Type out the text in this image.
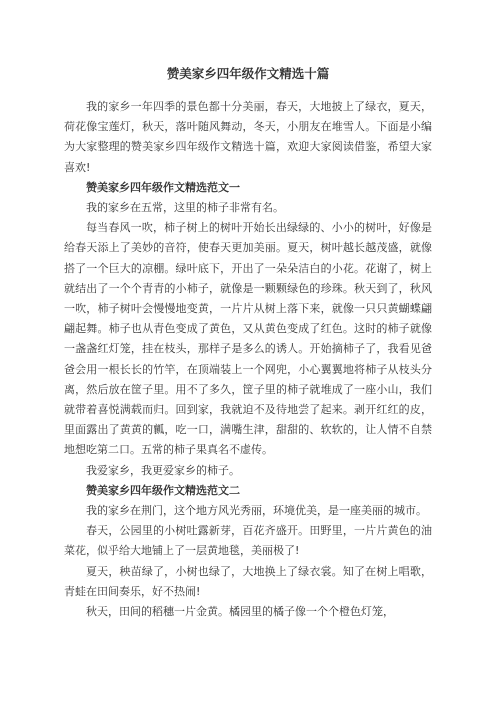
赞美家乡四年级作文精选十篇

我的家乡一年四季的景色都十分美丽，春天，大地披上了绿衣，夏天，荷花像宝莲灯，秋天，落叶随风舞动，冬天，小朋友在堆雪人。下面是小编为大家整理的赞美家乡四年级作文精选十篇，欢迎大家阅读借鉴，希望大家喜欢!

赞美家乡四年级作文精选范文一

我的家乡在五常，这里的柿子非常有名。

每当春风一吹，柿子树上的树叶开始长出绿绿的、小小的树叶，好像是给春天添上了美妙的音符，使春天更加美丽。夏天，树叶越长越茂盛，就像搭了一个巨大的凉棚。绿叶底下，开出了一朵朵洁白的小花。花谢了，树上就结出了一个个青青的小柿子，就像是一颗颗绿色的珍珠。秋天到了，秋风一吹，柿子树叶会慢慢地变黄，一片片从树上落下来，就像一只只黄蝴蝶翩翩起舞。柿子也从青色变成了黄色，又从黄色变成了红色。这时的柿子就像一盏盏红灯笼，挂在枝头，那样子是多么的诱人。开始摘柿子了，我看见爸爸会用一根长长的竹竿，在顶端装上一个网兜，小心翼翼地将柿子从枝头分离，然后放在筐子里。用不了多久，筐子里的柿子就堆成了一座小山，我们就带着喜悦满载而归。回到家，我就迫不及待地尝了起来。剥开红红的皮，里面露出了黄黄的瓤，吃一口，满嘴生津，甜甜的、软软的，让人情不自禁地想吃第二口。五常的柿子果真名不虚传。

我爱家乡，我更爱家乡的柿子。

赞美家乡四年级作文精选范文二

我的家乡在荆门，这个地方风光秀丽，环境优美，是一座美丽的城市。

春天，公园里的小树吐露新芽，百花齐盛开。田野里，一片片黄色的油菜花，似乎给大地铺上了一层黄地毯，美丽极了!

夏天，秧苗绿了，小树也绿了，大地换上了绿衣裳。知了在树上唱歌，青蛙在田间奏乐，好不热闹!

秋天，田间的稻穗一片金黄。橘园里的橘子像一个个橙色灯笼，
